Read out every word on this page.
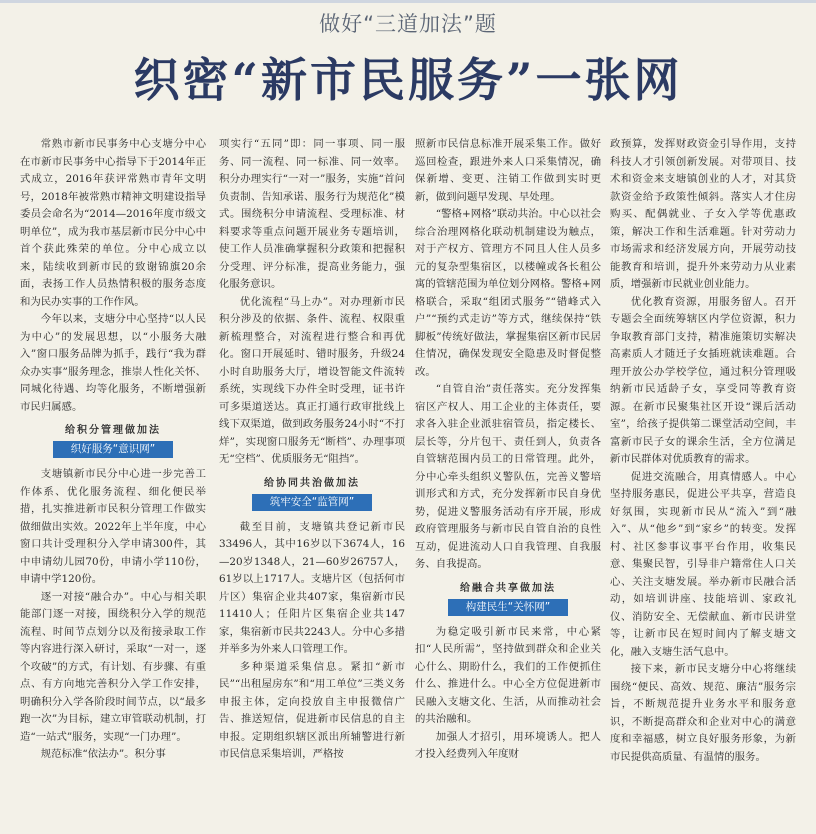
做好“三道加法”题
织密“新市民服务”一张网

常熟市新市民事务中心支塘分中心在市新市民事务中心指导下于2014年正式成立，2016年获评常熟市青年文明号，2018年被常熟市精神文明建设指导委员会命名为“2014—2016年度市级文明单位”，成为我市基层新市民分中心中首个获此殊荣的单位。分中心成立以来，陆续收到新市民的致谢锦旗20余面，表扬工作人员热情积极的服务态度和为民办实事的工作作风。

今年以来，支塘分中心坚持“以人民为中心”的发展思想，以“小服务大融入”窗口服务品牌为抓手，践行“我为群众办实事”服务理念，推崇人性化关怀、同城化待遇、均等化服务，不断增强新市民归属感。

给积分管理做加法
织好服务“意识网”

支塘镇新市民分中心进一步完善工作体系、优化服务流程、细化便民举措，扎实推进新市民积分管理工作做实做细做出实效。2022年上半年度，中心窗口共计受理积分入学申请300件，其中申请幼儿园70份，申请小学110份，申请中学120份。

逐一对接“融合办”。中心与相关职能部门逐一对接，围绕积分入学的规范流程、时间节点划分以及衔接录取工作等内容进行深入研讨，采取“一对一，逐个攻破”的方式，有计划、有步骤、有重点、有方向地完善积分入学工作安排，明确积分入学各阶段时间节点，以“最多跑一次”为目标，建立审管联动机制，打造“一站式”服务，实现“一门办理”。

规范标准“依法办”。积分事

项实行“五同”即：同一事项、同一服务、同一流程、同一标准、同一效率。积分办理实行“一对一”服务，实施“首问负责制、告知承诺、服务行为规范化”模式。围绕积分申请流程、受理标准、材料要求等重点问题开展业务专题培训，使工作人员准确掌握积分政策和把握积分受理、评分标准，提高业务能力，强化服务意识。

优化流程“马上办”。对办理新市民积分涉及的依据、条件、流程、权限重新梳理整合，对流程进行整合和再优化。窗口开展延时、错时服务，升级24小时自助服务大厅，增设智能文件流转系统，实现线下办件全时受理，证书许可多渠道送达。真正打通行政审批线上线下双渠道，做到政务服务24小时“不打烊”，实现窗口服务无“断档”、办理事项无“空档”、优质服务无“阻挡”。

给协同共治做加法
筑牢安全“监管网”

截至目前，支塘镇共登记新市民33496人，其中16岁以下3674人，16—20岁1348人，21—60岁26757人，61岁以上1717人。支塘片区（包括何市片区）集宿企业共407家，集宿新市民11410人；任阳片区集宿企业共147家，集宿新市民共2243人。分中心多措并举多为外来人口管理工作。

多种渠道采集信息。紧扣“新市民”“出租屋房东”和“用工单位”三类义务申报主体，定向投放自主申报微信广告、推送短信，促进新市民信息的自主申报。定期组织辖区派出所辅警进行新市民信息采集培训，严格按

照新市民信息标准开展采集工作。做好巡回检查，跟进外来人口采集情况，确保新增、变更、注销工作做到实时更新，做到问题早发现、早处理。

“警格+网格”联动共治。中心以社会综合治理网格化联动机制建设为触点，对于产权方、管理方不同且人住人员多元的复杂型集宿区，以楼幢或各长租公寓的管辖范围为单位划分网格。警格+网格联合，采取“组团式服务”“错峰式入户”“预约式走访”等方式，继续保持“铁脚板”传统好做法，掌握集宿区新市民居住情况，确保发现安全隐患及时督促整改。

“自管自治”责任落实。充分发挥集宿区产权人、用工企业的主体责任，要求各入驻企业派驻宿管员，指定楼长、层长等，分片包干、责任到人，负责各自管辖范围内员工的日常管理。此外，分中心牵头组织义警队伍，完善义警培训形式和方式，充分发挥新市民自身优势，促进义警服务活动有序开展，形成政府管理服务与新市民自管自治的良性互动，促进流动人口自我管理、自我服务、自我提高。

给融合共享做加法
构建民生“关怀网”

为稳定吸引新市民来常，中心紧扣“人民所需”，坚持做到群众和企业关心什么、期盼什么，我们的工作便抓住什么、推进什么。中心全方位促进新市民融入支塘文化、生活，从而推动社会的共治融和。

加强人才招引，用环境诱人。把人才投入经费列入年度财

政预算，发挥财政资金引导作用，支持科技人才引领创新发展。对带项目、技术和资金来支塘镇创业的人才，对其贷款资金给予政策性倾斜。落实人才住房购买、配偶就业、子女入学等优惠政策，解决工作和生活难题。针对劳动力市场需求和经济发展方向，开展劳动技能教育和培训，提升外来劳动力从业素质，增强新市民就业创业能力。

优化教育资源，用服务留人。召开专题会全面统筹辖区内学位资源，积力争取教育部门支持，精准施策切实解决高素质人才随迁子女插班就读难题。合理开放公办学校学位，通过积分管理吸纳新市民适龄子女，享受同等教育资源。在新市民聚集社区开设“课后活动室”，给孩子提供第二课堂活动空间，丰富新市民子女的课余生活，全方位满足新市民群体对优质教育的需求。

促进交流融合，用真情感人。中心坚持服务惠民，促进公平共享，营造良好氛围，实现新市民从“流入”到“融入”、从“他乡”到“家乡”的转变。发挥村、社区参事议事平台作用，收集民意、集聚民智，引导非户籍常住人口关心、关注支塘发展。举办新市民融合活动，如培训讲座、技能培训、家政礼仪、消防安全、无偿献血、新市民讲堂等，让新市民在短时间内了解支塘文化，融入支塘生活气息中。

接下来，新市民支塘分中心将继续围绕“便民、高效、规范、廉洁”服务宗旨，不断规范提升业务水平和服务意识，不断提高群众和企业对中心的满意度和幸福感，树立良好服务形象，为新市民提供高质量、有温情的服务。
